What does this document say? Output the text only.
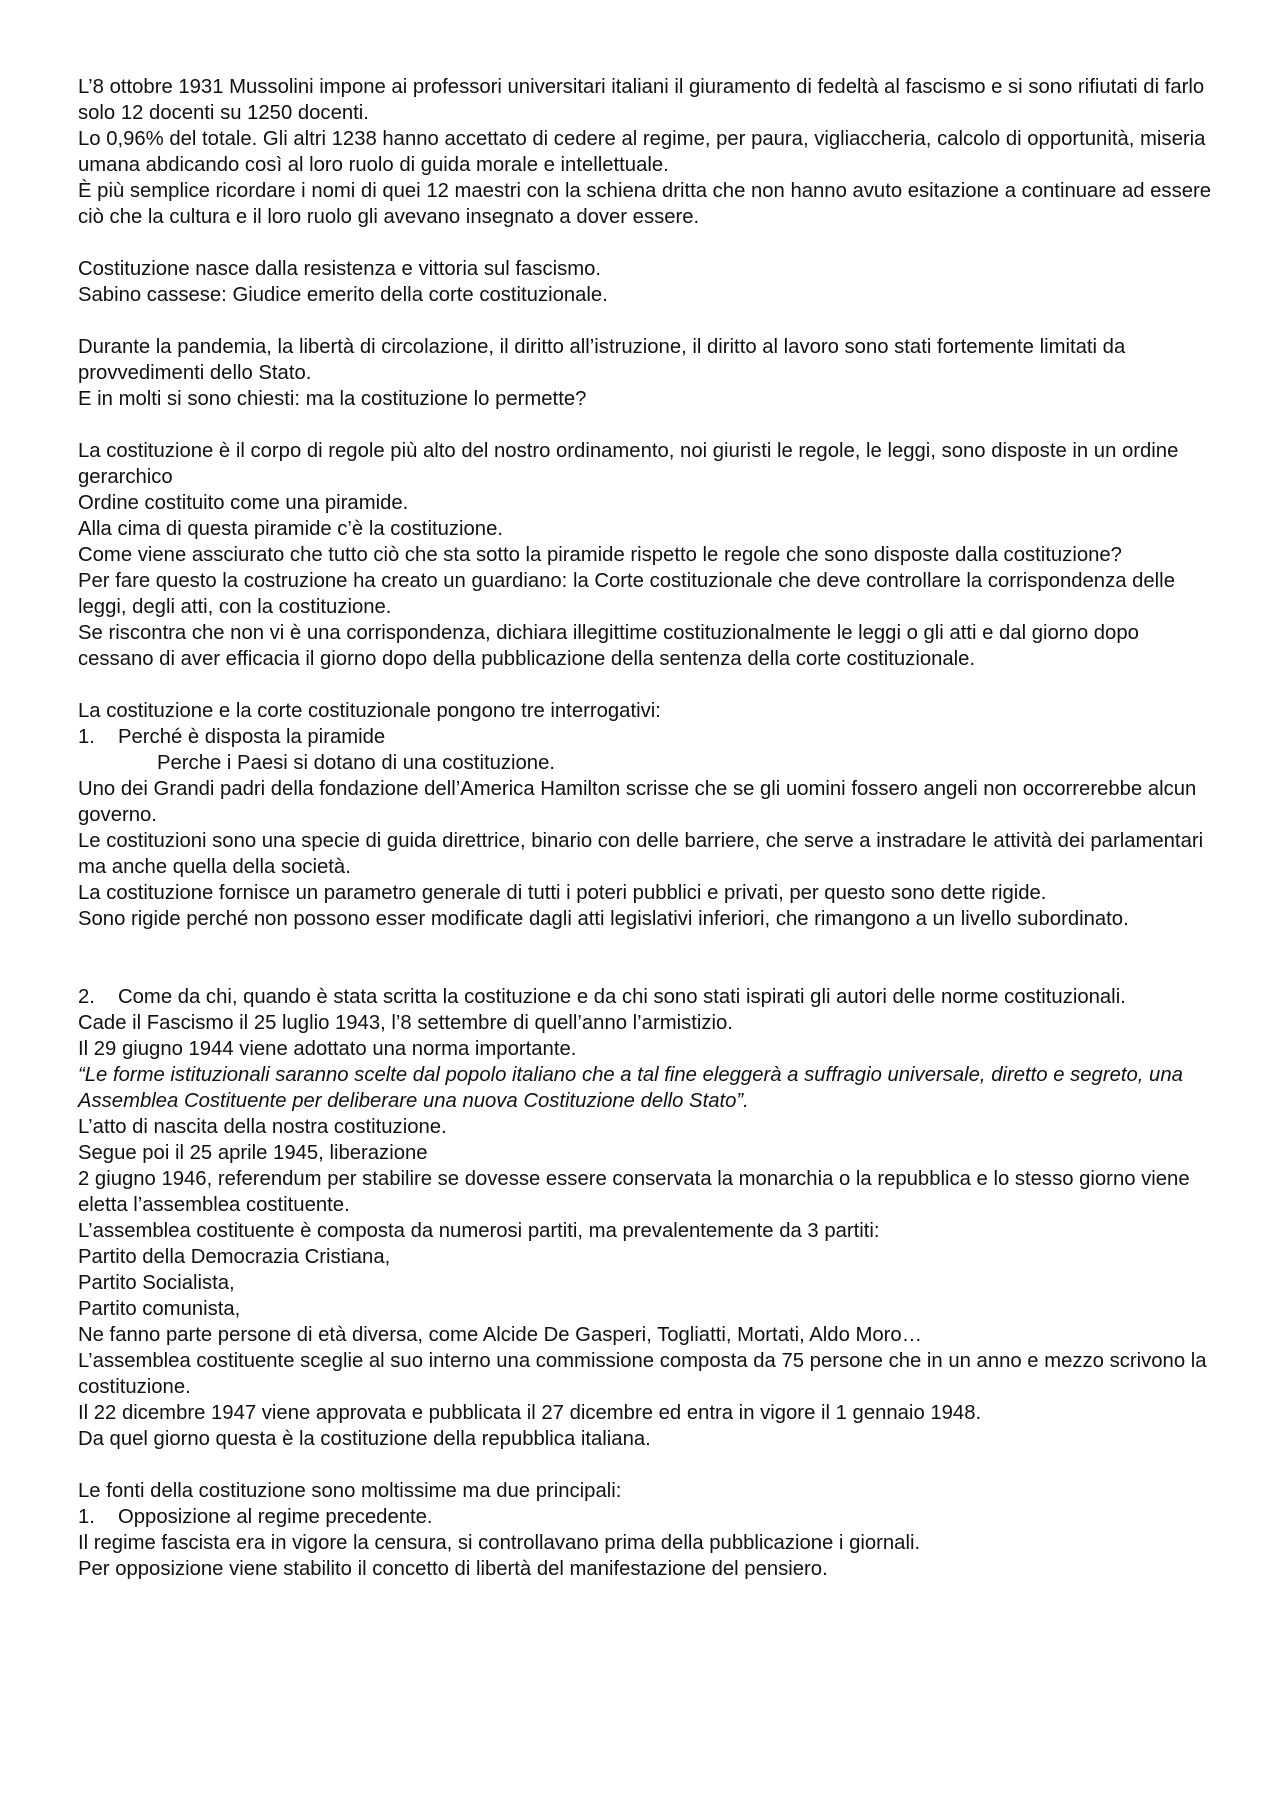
L’8 ottobre 1931 Mussolini impone ai professori universitari italiani il giuramento di fedeltà al fascismo e si sono rifiutati di farlo solo 12 docenti su 1250 docenti.

Lo 0,96% del totale. Gli altri 1238 hanno accettato di cedere al regime, per paura, vigliaccheria, calcolo di opportunità, miseria umana abdicando così al loro ruolo di guida morale e intellettuale.

È più semplice ricordare i nomi di quei 12 maestri con la schiena dritta che non hanno avuto esitazione a continuare ad essere ciò che la cultura e il loro ruolo gli avevano insegnato a dover essere.

Costituzione nasce dalla resistenza e vittoria sul fascismo.

Sabino cassese: Giudice emerito della corte costituzionale.

Durante la pandemia, la libertà di circolazione, il diritto all’istruzione, il diritto al lavoro sono stati fortemente limitati da provvedimenti dello Stato.

E in molti si sono chiesti: ma la costituzione lo permette?

La costituzione è il corpo di regole più alto del nostro ordinamento, noi giuristi le regole, le leggi, sono disposte in un ordine gerarchico

Ordine costituito come una piramide.

Alla cima di questa piramide c’è la costituzione.

Come viene assciurato che tutto ciò che sta sotto la piramide rispetto le regole che sono disposte dalla costituzione?

Per fare questo la costruzione ha creato un guardiano: la Corte costituzionale che deve controllare la corrispondenza delle leggi, degli atti, con la costituzione.

Se riscontra che non vi è una corrispondenza, dichiara illegittime costituzionalmente le leggi o gli atti e dal giorno dopo cessano di aver efficacia il giorno dopo della pubblicazione della sentenza della corte costituzionale.

La costituzione e la corte costituzionale pongono tre interrogativi:

1.	Perché è disposta la piramide

Perche i Paesi si dotano di una costituzione.

Uno dei Grandi padri della fondazione dell’America Hamilton scrisse che se gli uomini fossero angeli non occorrerebbe alcun governo.

Le costituzioni sono una specie di guida direttrice, binario con delle barriere, che serve a instradare le attività dei parlamentari ma anche quella della società.

La costituzione fornisce un parametro generale di tutti i poteri pubblici e privati, per questo sono dette rigide.

Sono rigide perché non possono esser modificate dagli atti legislativi inferiori, che rimangono a un livello subordinato.

2.	Come da chi, quando è stata scritta la costituzione e da chi sono stati ispirati gli autori delle norme costituzionali.

Cade il Fascismo il 25 luglio 1943, l’8 settembre di quell’anno l’armistizio.

Il 29 giugno 1944 viene adottato una norma importante.

“Le forme istituzionali saranno scelte dal popolo italiano che a tal fine eleggerà a suffragio universale, diretto e segreto, una Assemblea Costituente per deliberare una nuova Costituzione dello Stato”.

L’atto di nascita della nostra costituzione.

Segue poi il 25 aprile 1945, liberazione

2 giugno 1946, referendum per stabilire se dovesse essere conservata la monarchia o la repubblica e lo stesso giorno viene eletta l’assemblea costituente.

L’assemblea costituente è composta da numerosi partiti, ma prevalentemente da 3 partiti:

Partito della Democrazia Cristiana,

Partito Socialista,

Partito comunista,

Ne fanno parte persone di età diversa, come Alcide De Gasperi, Togliatti, Mortati, Aldo Moro…

L’assemblea costituente sceglie al suo interno una commissione composta da 75 persone che in un anno e mezzo scrivono la costituzione.

Il 22 dicembre 1947 viene approvata e pubblicata il 27 dicembre ed entra in vigore il 1 gennaio 1948.

Da quel giorno questa è la costituzione della repubblica italiana.

Le fonti della costituzione sono moltissime ma due principali:

1.	Opposizione al regime precedente.

Il regime fascista era in vigore la censura, si controllavano prima della pubblicazione i giornali.

Per opposizione viene stabilito il concetto di libertà del manifestazione del pensiero.
